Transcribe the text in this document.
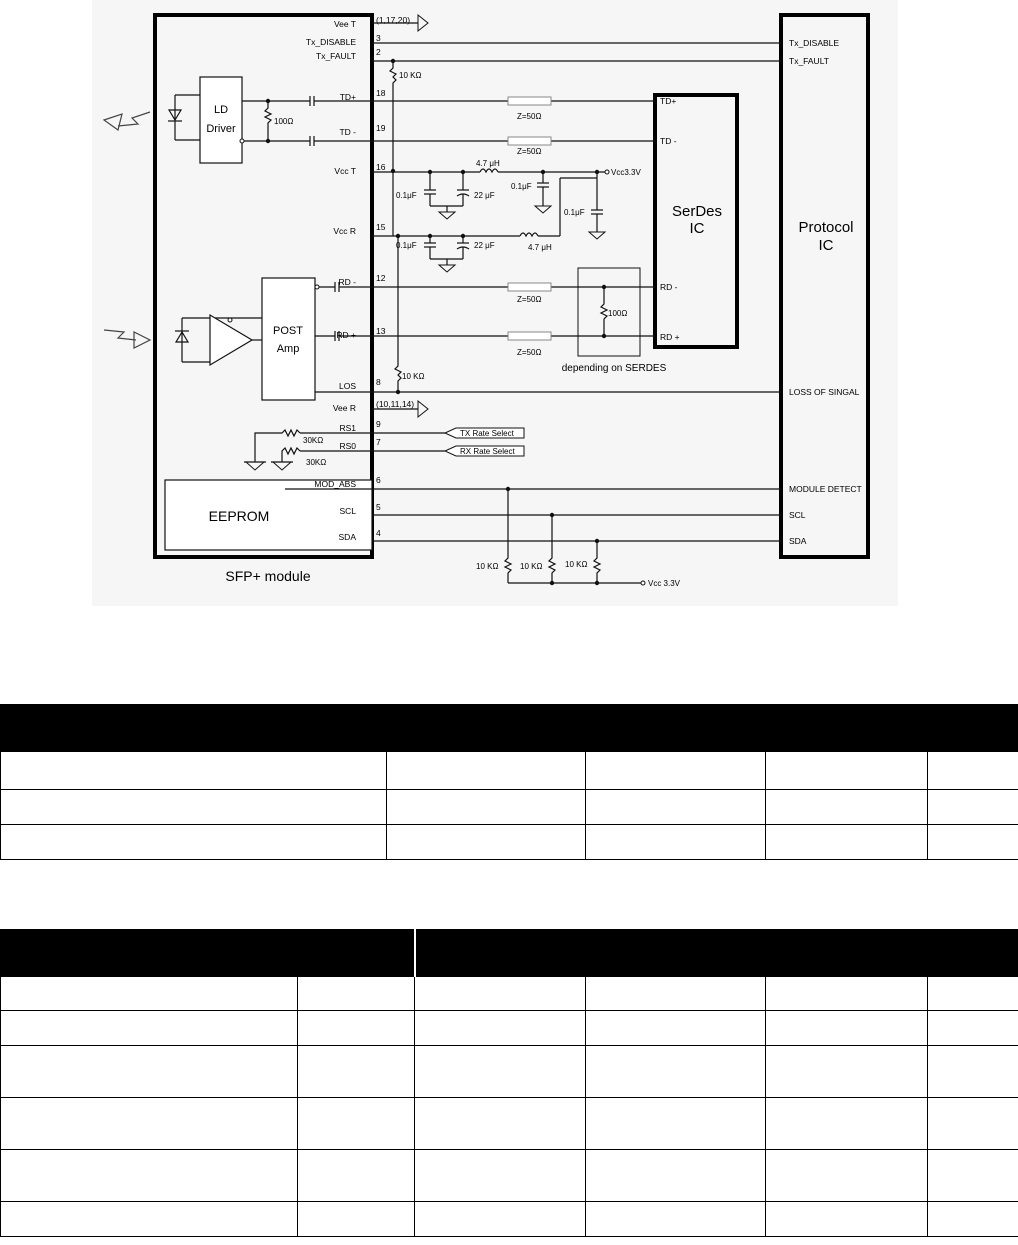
LD
Driver
POST
Amp
EEPROM
SFP+ module
SerDes
IC	Protocol
IC
100Ω
30KΩ
30KΩ
Vee T (1,17,20)
Tx_DISABLE 3
Tx_FAULT 2
TD+ 18
TD - 19
Vcc T 16
Vcc R 15
RD - 12
RD + 13
LOS 8
Vee R (10,11,14)
RS1 9
RS0 7
MOD_ABS 6
SCL 5
SDA 4
10 KΩ
10 KΩ
Z=50Ω
Z=50Ω
Z=50Ω
Z=50Ω
100Ω
depending on SERDES
Vcc3.3V
4.7 μH
0.1μF	22 μF
0.1μF
0.1μF
4.7 μH
0.1μF	22 μF
TX Rate Select
RX Rate Select
10 KΩ	10 KΩ	10 KΩ
Vcc 3.3V
TD+
TD -
RD -
RD +
Tx_DISABLE
Tx_FAULT
LOSS OF SINGAL
MODULE DETECT
SCL
SDA
